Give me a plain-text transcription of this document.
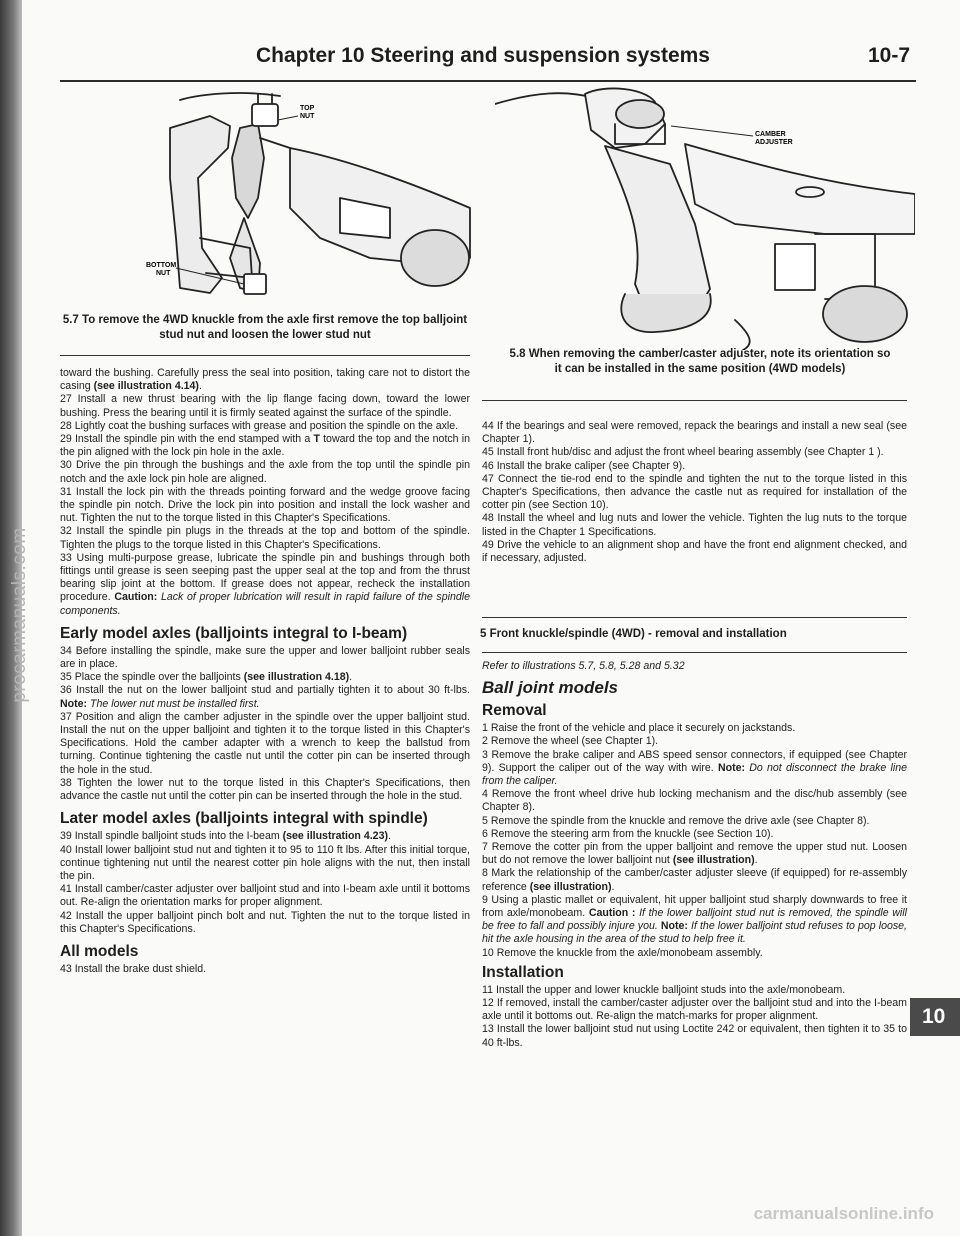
procarmanuals.com
Chapter 10 Steering and suspension systems	10-7
TOP
NUT
BOTTOM
NUT
5.7 To remove the 4WD knuckle from the axle first remove the top balljoint stud nut and loosen the lower stud nut
CAMBER
ADJUSTER
5.8 When removing the camber/caster adjuster, note its orientation so it can be installed in the same position (4WD models)

toward the bushing. Carefully press the seal into position, taking care not to distort the casing (see illustration 4.14).

27 Install a new thrust bearing with the lip flange facing down, toward the lower bushing. Press the bearing until it is firmly seated against the surface of the spindle.

28 Lightly coat the bushing surfaces with grease and position the spindle on the axle.

29 Install the spindle pin with the end stamped with a T toward the top and the notch in the pin aligned with the lock pin hole in the axle.

30 Drive the pin through the bushings and the axle from the top until the spindle pin notch and the axle lock pin hole are aligned.

31 Install the lock pin with the threads pointing forward and the wedge groove facing the spindle pin notch. Drive the lock pin into position and install the lock washer and nut. Tighten the nut to the torque listed in this Chapter's Specifications.

32 Install the spindle pin plugs in the threads at the top and bottom of the spindle. Tighten the plugs to the torque listed in this Chapter's Specifications.

33 Using multi-purpose grease, lubricate the spindle pin and bushings through both fittings until grease is seen seeping past the upper seal at the top and from the thrust bearing slip joint at the bottom. If grease does not appear, recheck the installation procedure. Caution: Lack of proper lubrication will result in rapid failure of the spindle components.

Early model axles (balljoints integral to I-beam)

34 Before installing the spindle, make sure the upper and lower balljoint rubber seals are in place.

35 Place the spindle over the balljoints (see illustration 4.18).

36 Install the nut on the lower balljoint stud and partially tighten it to about 30 ft-lbs. Note: The lower nut must be installed first.

37 Position and align the camber adjuster in the spindle over the upper balljoint stud. Install the nut on the upper balljoint and tighten it to the torque listed in this Chapter's Specifications. Hold the camber adapter with a wrench to keep the ballstud from turning. Continue tightening the castle nut until the cotter pin can be inserted through the hole in the stud.

38 Tighten the lower nut to the torque listed in this Chapter's Specifications, then advance the castle nut until the cotter pin can be inserted through the hole in the stud.

Later model axles (balljoints integral with spindle)

39 Install spindle balljoint studs into the I-beam (see illustration 4.23).

40 Install lower balljoint stud nut and tighten it to 95 to 110 ft lbs. After this initial torque, continue tightening nut until the nearest cotter pin hole aligns with the nut, then install the pin.

41 Install camber/caster adjuster over balljoint stud and into I-beam axle until it bottoms out. Re-align the orientation marks for proper alignment.

42 Install the upper balljoint pinch bolt and nut. Tighten the nut to the torque listed in this Chapter's Specifications.

All models

43 Install the brake dust shield.

44 If the bearings and seal were removed, repack the bearings and install a new seal (see Chapter 1).

45 Install front hub/disc and adjust the front wheel bearing assembly (see Chapter 1 ).

46 Install the brake caliper (see Chapter 9).

47 Connect the tie-rod end to the spindle and tighten the nut to the torque listed in this Chapter's Specifications, then advance the castle nut as required for installation of the cotter pin (see Section 10).

48 Install the wheel and lug nuts and lower the vehicle. Tighten the lug nuts to the torque listed in the Chapter 1 Specifications.

49 Drive the vehicle to an alignment shop and have the front end alignment checked, and if necessary, adjusted.

5 Front knuckle/spindle (4WD) - removal and installation

Refer to illustrations 5.7, 5.8, 5.28 and 5.32

Ball joint models
Removal

1 Raise the front of the vehicle and place it securely on jackstands.

2 Remove the wheel (see Chapter 1).

3 Remove the brake caliper and ABS speed sensor connectors, if equipped (see Chapter 9). Support the caliper out of the way with wire. Note: Do not disconnect the brake line from the caliper.

4 Remove the front wheel drive hub locking mechanism and the disc/hub assembly (see Chapter 8).

5 Remove the spindle from the knuckle and remove the drive axle (see Chapter 8).

6 Remove the steering arm from the knuckle (see Section 10).

7 Remove the cotter pin from the upper balljoint and remove the upper stud nut. Loosen but do not remove the lower balljoint nut (see illustration).

8 Mark the relationship of the camber/caster adjuster sleeve (if equipped) for re-assembly reference (see illustration).

9 Using a plastic mallet or equivalent, hit upper balljoint stud sharply downwards to free it from axle/monobeam. Caution : If the lower balljoint stud nut is removed, the spindle will be free to fall and possibly injure you. Note: If the lower balljoint stud refuses to pop loose, hit the axle housing in the area of the stud to help free it.

10 Remove the knuckle from the axle/monobeam assembly.

Installation

11 Install the upper and lower knuckle balljoint studs into the axle/monobeam.

12 If removed, install the camber/caster adjuster over the balljoint stud and into the I-beam axle until it bottoms out. Re-align the match-marks for proper alignment.

13 Install the lower balljoint stud nut using Loctite 242 or equivalent, then tighten it to 35 to 40 ft-lbs.

10
carmanualsonline.info
